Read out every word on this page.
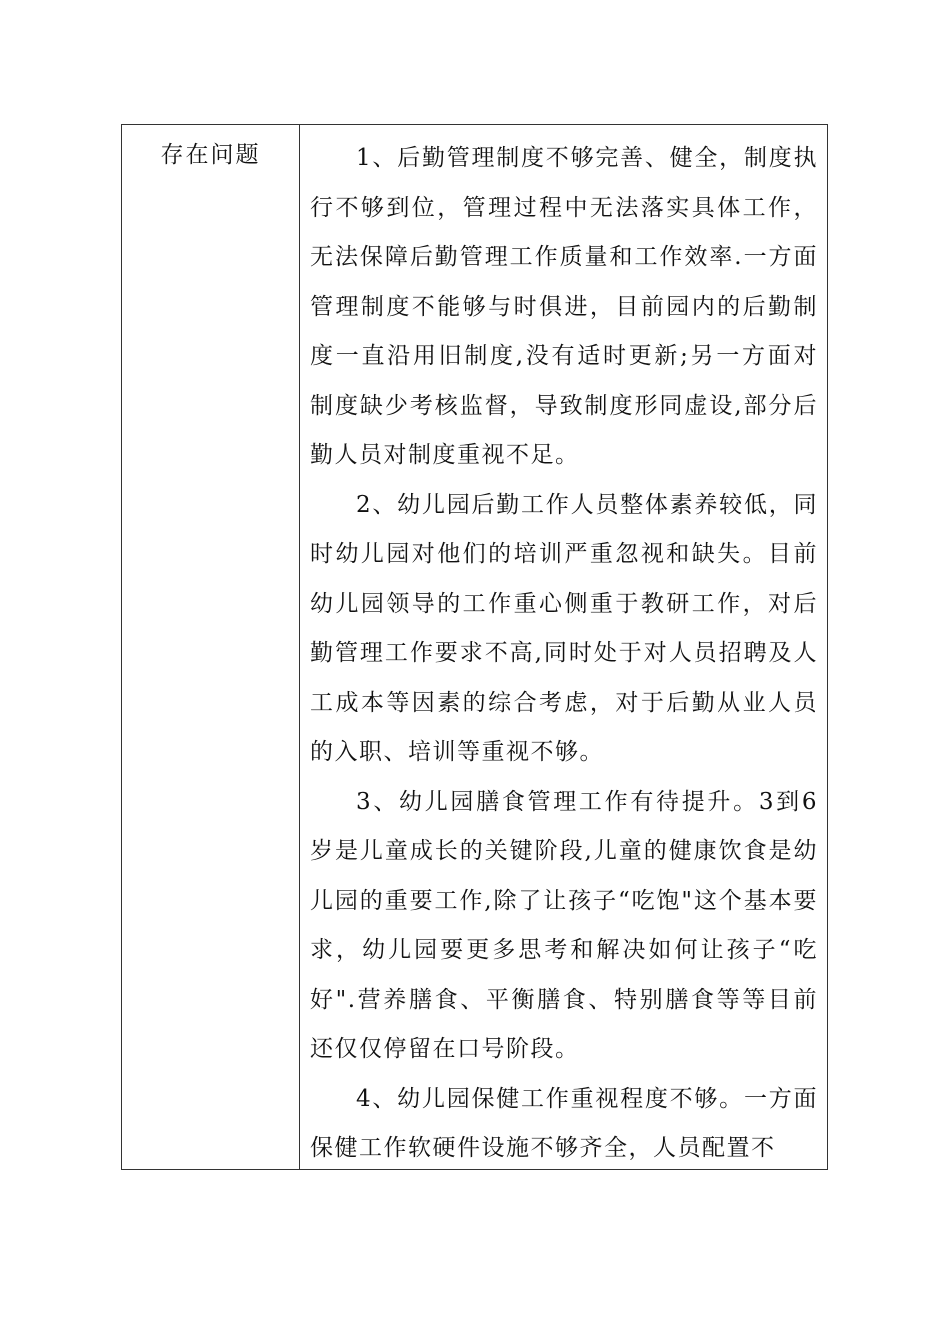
存在问题	1、后勤管理制度不够完善、健全，制度执行不够到位，管理过程中无法落实具体工作，无法保障后勤管理工作质量和工作效率.一方面管理制度不能够与时俱进，目前园内的后勤制度一直沿用旧制度,没有适时更新;另一方面对制度缺少考核监督，导致制度形同虚设,部分后勤人员对制度重视不足。

2、幼儿园后勤工作人员整体素养较低，同时幼儿园对他们的培训严重忽视和缺失。目前幼儿园领导的工作重心侧重于教研工作，对后勤管理工作要求不高,同时处于对人员招聘及人工成本等因素的综合考虑，对于后勤从业人员的入职、培训等重视不够。

3、幼儿园膳食管理工作有待提升。3到6岁是儿童成长的关键阶段,儿童的健康饮食是幼儿园的重要工作,除了让孩子“吃饱"这个基本要求，幼儿园要更多思考和解决如何让孩子“吃好".营养膳食、平衡膳食、特别膳食等等目前还仅仅停留在口号阶段。

4、幼儿园保健工作重视程度不够。一方面保健工作软硬件设施不够齐全，人员配置不
